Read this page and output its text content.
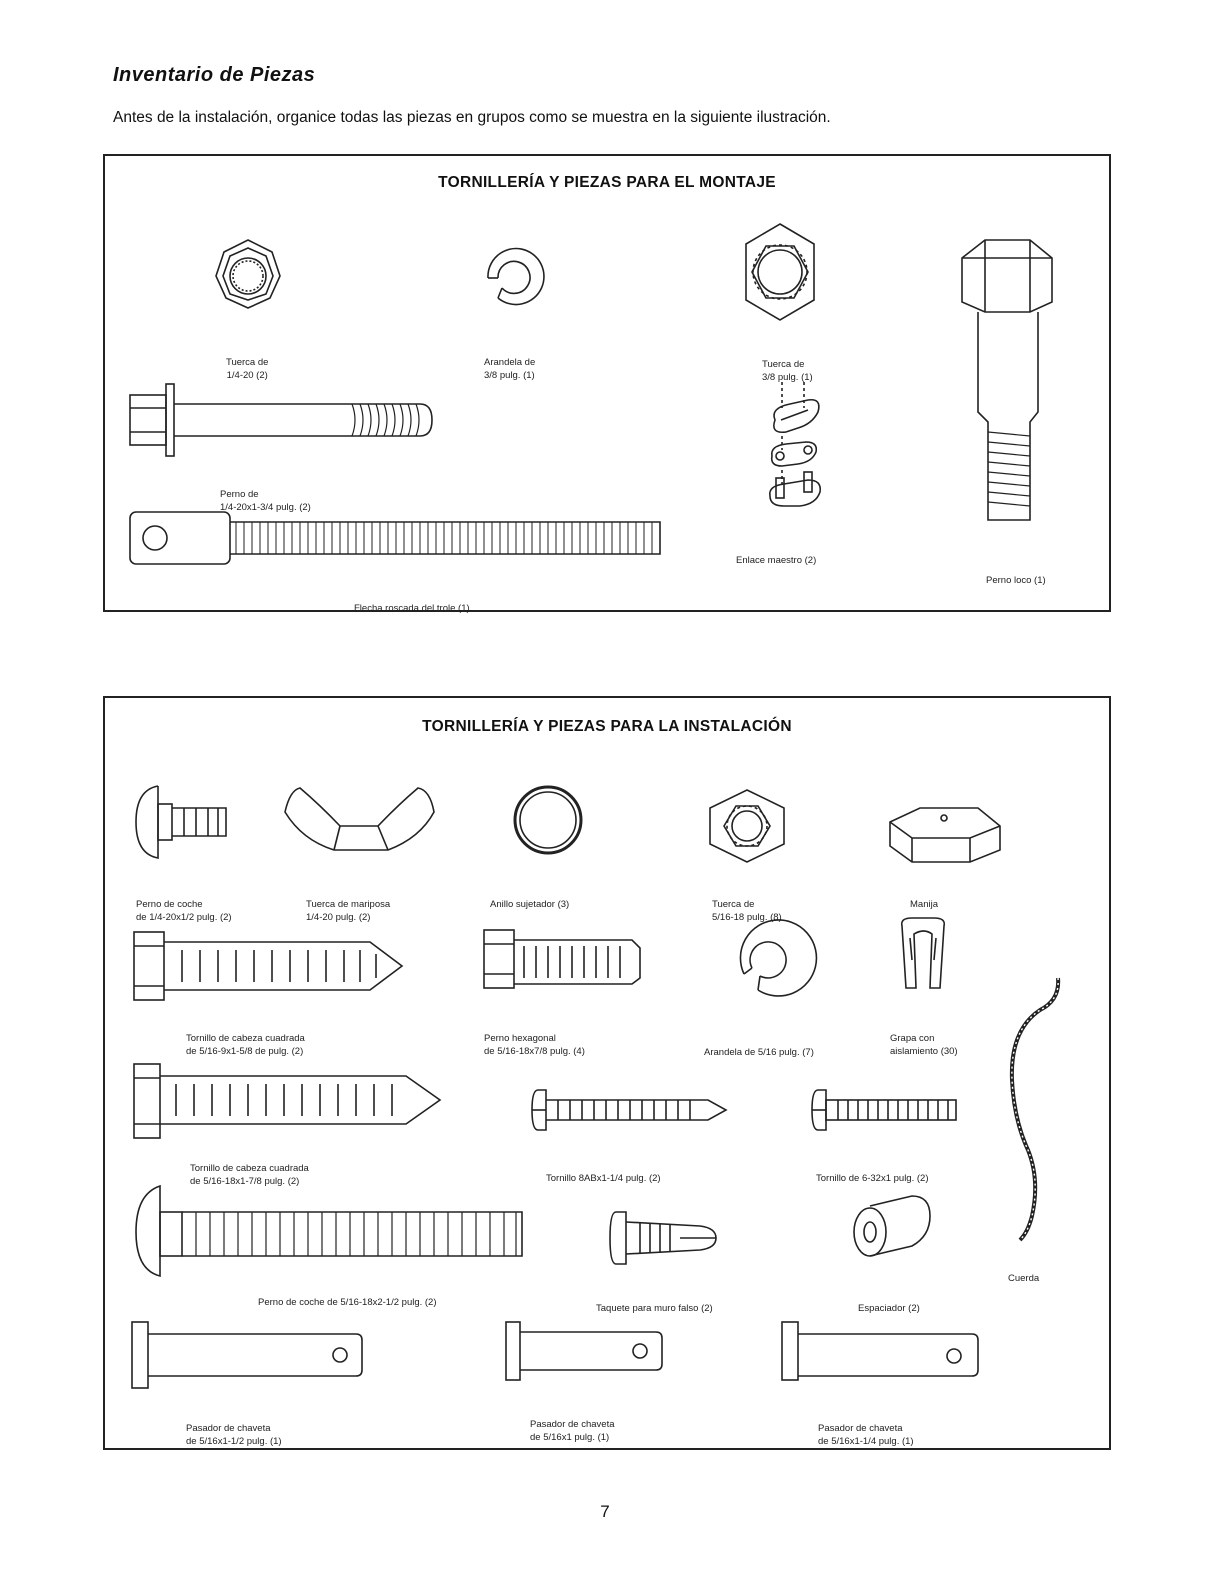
Inventario de Piezas
Antes de la instalación, organice todas las piezas en grupos como se muestra en la siguiente ilustración.
TORNILLERÍA Y PIEZAS PARA EL MONTAJE

Tuerca de
1/4-20 (2)

Arandela de
3/8 pulg. (1)

Tuerca de
3/8 pulg. (1)

Perno de
1/4-20x1-3/4 pulg. (2)

Enlace maestro (2)

Perno loco (1)

Flecha roscada del trole (1)

TORNILLERÍA Y PIEZAS PARA LA INSTALACIÓN

Perno de coche
de 1/4-20x1/2 pulg. (2)

Tuerca de mariposa
1/4-20 pulg. (2)

Anillo sujetador (3)

	Tuerca de
5/16-18 pulg. (8)

Manija

Tornillo de cabeza cuadrada
de 5/16-9x1-5/8 de pulg. (2)

Perno hexagonal
de 5/16-18x7/8 pulg. (4)

	Arandela de 5/16 pulg. (7)

Grapa con
aislamiento (30)

Tornillo de cabeza cuadrada
de 5/16-18x1-7/8 pulg. (2)

	Tornillo 8ABx1-1/4 pulg. (2)

	Tornillo de 6-32x1 pulg. (2)

Cuerda

Perno de coche de 5/16-18x2-1/2 pulg. (2)

Taquete para muro falso (2)

	Espaciador (2)

Pasador de chaveta
de 5/16x1-1/2 pulg. (1)

Pasador de chaveta
de 5/16x1 pulg. (1)

Pasador de chaveta
de 5/16x1-1/4 pulg. (1)

7
